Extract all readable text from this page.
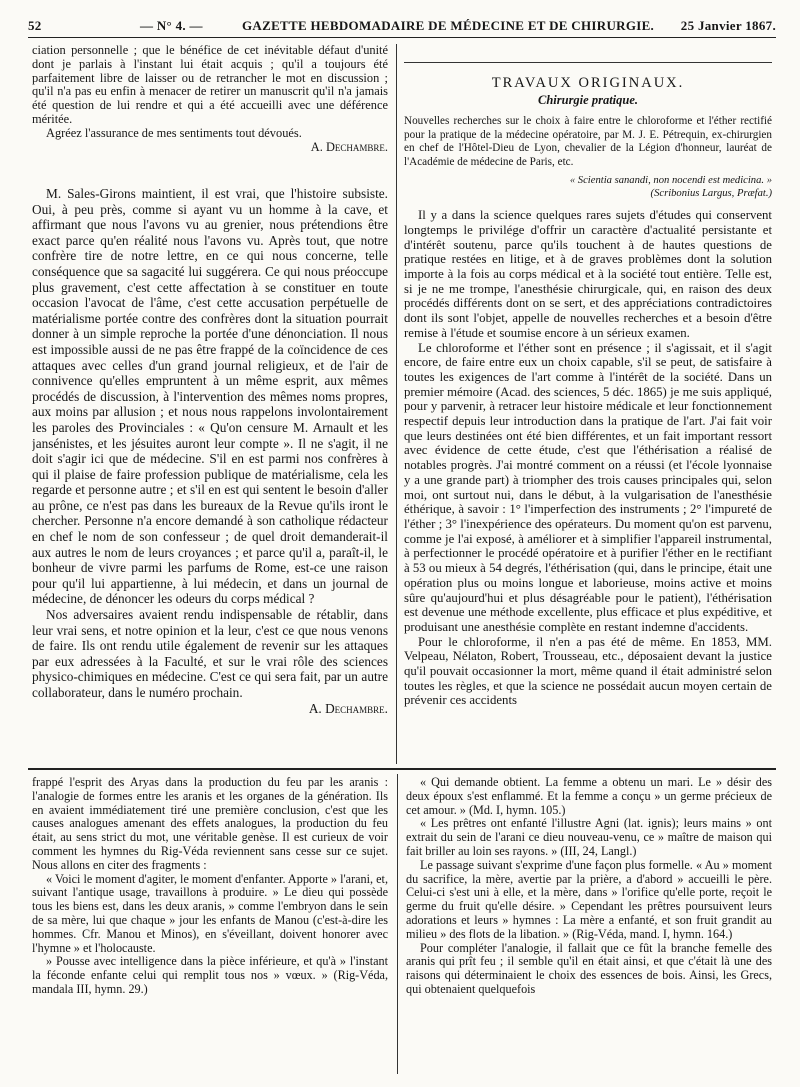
52	— N° 4. —	GAZETTE HEBDOMADAIRE DE MÉDECINE ET DE CHIRURGIE. 25 Janvier 1867.

ciation personnelle ; que le bénéfice de cet inévitable défaut d'unité dont je parlais à l'instant lui était acquis ; qu'il a toujours été parfaitement libre de laisser ou de retrancher le mot en discussion ; qu'il n'a pas eu enfin à menacer de retirer un manuscrit qu'il n'a jamais été question de lui rendre et qui a été accueilli avec une déférence méritée.

Agréez l'assurance de mes sentiments tout dévoués.

A. Dechambre.

M. Sales-Girons maintient, il est vrai, que l'histoire subsiste. Oui, à peu près, comme si ayant vu un homme à la cave, et affirmant que nous l'avons vu au grenier, nous prétendions être exact parce qu'en réalité nous l'avons vu. Après tout, que notre confrère tire de notre lettre, en ce qui nous concerne, telle conséquence que sa sagacité lui suggérera. Ce qui nous préoccupe plus gravement, c'est cette affectation à se constituer en toute occasion l'avocat de l'âme, c'est cette accusation perpétuelle de matérialisme portée contre des confrères dont la situation pourrait donner à un simple reproche la portée d'une dénonciation. Il nous est impossible aussi de ne pas être frappé de la coïncidence de ces attaques avec celles d'un grand journal religieux, et de l'air de connivence qu'elles empruntent à un même esprit, aux mêmes procédés de discussion, à l'intervention des mêmes noms propres, aux moins par allusion ; et nous nous rappelons involontairement les paroles des Provinciales : « Qu'on censure M. Arnault et les jansénistes, et les jésuites auront leur compte ». Il ne s'agit, il ne doit s'agir ici que de médecine. S'il en est parmi nos confrères à qui il plaise de faire profession publique de matérialisme, cela les regarde et personne autre ; et s'il en est qui sentent le besoin d'aller au prône, ce n'est pas dans les bureaux de la Revue qu'ils iront le chercher. Personne n'a encore demandé à son catholique rédacteur en chef le nom de son confesseur ; de quel droit demanderait-il aux autres le nom de leurs croyances ; et parce qu'il a, paraît-il, le bonheur de vivre parmi les parfums de Rome, est-ce une raison pour qu'il lui appartienne, à lui médecin, et dans un journal de médecine, de dénoncer les odeurs du corps médical ?

Nos adversaires avaient rendu indispensable de rétablir, dans leur vrai sens, et notre opinion et la leur, c'est ce que nous venons de faire. Ils ont rendu utile également de revenir sur les attaques par eux adressées à la Faculté, et sur le vrai rôle des sciences physico-chimiques en médecine. C'est ce qui sera fait, par un autre collaborateur, dans le numéro prochain.

A. Dechambre.

TRAVAUX ORIGINAUX.
Chirurgie pratique.

Nouvelles recherches sur le choix à faire entre le chloroforme et l'éther rectifié pour la pratique de la médecine opératoire, par M. J. E. Pétrequin, ex-chirurgien en chef de l'Hôtel-Dieu de Lyon, chevalier de la Légion d'honneur, lauréat de l'Académie de médecine de Paris, etc.

« Scientia sanandi, non nocendi est medicina. »
(Scribonius Largus, Præfat.)

Il y a dans la science quelques rares sujets d'études qui conservent longtemps le privilége d'offrir un caractère d'actualité persistante et d'intérêt soutenu, parce qu'ils touchent à de hautes questions de pratique restées en litige, et à de graves problèmes dont la solution importe à la fois au corps médical et à la société tout entière. Telle est, si je ne me trompe, l'anesthésie chirurgicale, qui, en raison des deux procédés différents dont on se sert, et des appréciations contradictoires dont ils sont l'objet, appelle de nouvelles recherches et a besoin d'être remise à l'étude et soumise encore à un sérieux examen.

Le chloroforme et l'éther sont en présence ; il s'agissait, et il s'agit encore, de faire entre eux un choix capable, s'il se peut, de satisfaire à toutes les exigences de l'art comme à l'intérêt de la société. Dans un premier mémoire (Acad. des sciences, 5 déc. 1865) je me suis appliqué, pour y parvenir, à retracer leur histoire médicale et leur fonctionnement respectif depuis leur introduction dans la pratique de l'art. J'ai fait voir que leurs destinées ont été bien différentes, et un fait important ressort avec évidence de cette étude, c'est que l'éthérisation a réalisé de notables progrès. J'ai montré comment on a réussi (et l'école lyonnaise y a une grande part) à triompher des trois causes principales qui, selon moi, ont surtout nui, dans le début, à la vulgarisation de l'anesthésie éthérique, à savoir : 1° l'imperfection des instruments ; 2° l'impureté de l'éther ; 3° l'inexpérience des opérateurs. Du moment qu'on est parvenu, comme je l'ai exposé, à améliorer et à simplifier l'appareil instrumental, à perfectionner le procédé opératoire et à purifier l'éther en le rectifiant à 53 ou mieux à 54 degrés, l'éthérisation (qui, dans le principe, était une opération plus ou moins longue et laborieuse, moins active et moins sûre qu'aujourd'hui et plus désagréable pour le patient), l'éthérisation est devenue une méthode excellente, plus efficace et plus expéditive, et produisant une anesthésie complète en restant indemne d'accidents.

Pour le chloroforme, il n'en a pas été de même. En 1853, MM. Velpeau, Nélaton, Robert, Trousseau, etc., déposaient devant la justice qu'il pouvait occasionner la mort, même quand il était administré selon toutes les règles, et que la science ne possédait aucun moyen certain de prévenir ces accidents

frappé l'esprit des Aryas dans la production du feu par les aranis : l'analogie de formes entre les aranis et les organes de la génération. Ils en avaient immédiatement tiré une première conclusion, c'est que les causes analogues amenant des effets analogues, la production du feu était, au sens strict du mot, une véritable genèse. Il est curieux de voir comment les hymnes du Rig-Véda reviennent sans cesse sur ce sujet. Nous allons en citer des fragments :

« Voici le moment d'agiter, le moment d'enfanter. Apporte » l'arani, et, suivant l'antique usage, travaillons à produire. » Le dieu qui possède tous les biens est, dans les deux aranis, » comme l'embryon dans le sein de sa mère, lui que chaque » jour les enfants de Manou (c'est-à-dire les hommes. Cfr. Manou et Minos), en s'éveillant, doivent honorer avec l'hymne » et l'holocauste.

» Pousse avec intelligence dans la pièce inférieure, et qu'à » l'instant la féconde enfante celui qui remplit tous nos » vœux. » (Rig-Véda, mandala III, hymn. 29.)

« Qui demande obtient. La femme a obtenu un mari. Le » désir des deux époux s'est enflammé. Et la femme a conçu » un germe précieux de cet amour. » (Md. I, hymn. 105.)

« Les prêtres ont enfanté l'illustre Agni (lat. ignis); leurs mains » ont extrait du sein de l'arani ce dieu nouveau-venu, ce » maître de maison qui fait briller au loin ses rayons. » (III, 24, Langl.)

Le passage suivant s'exprime d'une façon plus formelle. « Au » moment du sacrifice, la mère, avertie par la prière, a d'abord » accueilli le père. Celui-ci s'est uni à elle, et la mère, dans » l'orifice qu'elle porte, reçoit le germe du fruit qu'elle désire. » Cependant les prêtres poursuivent leurs adorations et leurs » hymnes : La mère a enfanté, et son fruit grandit au milieu » des flots de la libation. » (Rig-Véda, mand. I, hymn. 164.)

Pour compléter l'analogie, il fallait que ce fût la branche femelle des aranis qui prît feu ; il semble qu'il en était ainsi, et que c'était là une des raisons qui déterminaient le choix des essences de bois. Ainsi, les Grecs, qui obtenaient quelquefois
